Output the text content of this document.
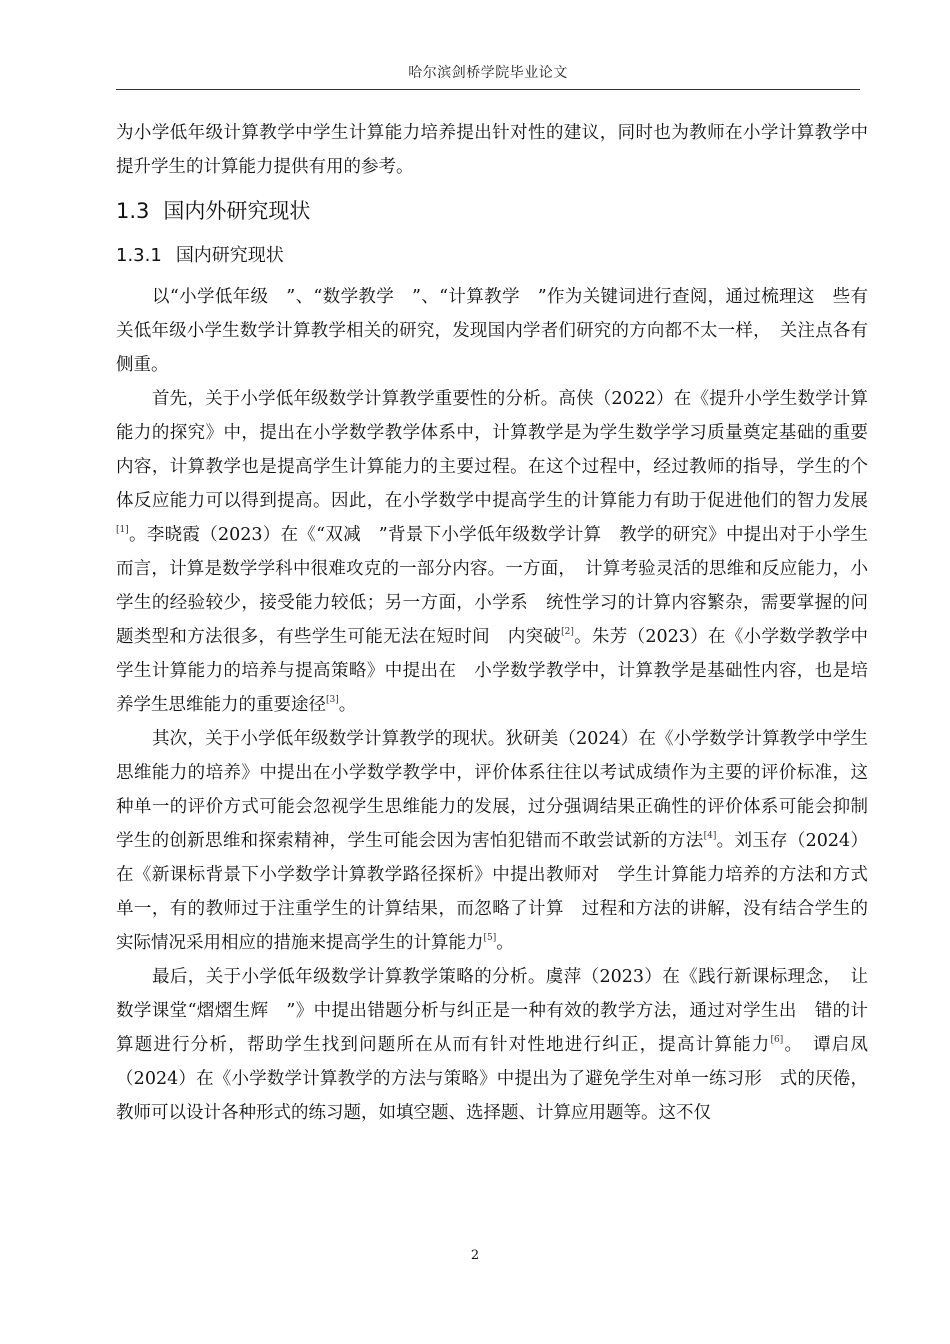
哈尔滨剑桥学院毕业论文

为小学低年级计算教学中学生计算能力培养提出针对性的建议，同时也为教师在小学计算教学中提升学生的计算能力提供有用的参考。

1.3 国内外研究现状
1.3.1 国内研究现状

以“小学低年级　”、“数学教学　”、“计算教学　”作为关键词进行查阅，通过梳理这　些有关低年级小学生数学计算教学相关的研究，发现国内学者们研究的方向都不太一样，　关注点各有侧重。

首先，关于小学低年级数学计算教学重要性的分析。高侠（2022）在《提升小学生数学计算能力的探究》中，提出在小学数学教学体系中，计算教学是为学生数学学习质量奠定基础的重要内容，计算教学也是提高学生计算能力的主要过程。在这个过程中，经过教师的指导，学生的个体反应能力可以得到提高。因此，在小学数学中提高学生的计算能力有助于促进他们的智力发展[1]。李晓霞（2023）在《“双减　”背景下小学低年级数学计算　教学的研究》中提出对于小学生而言，计算是数学学科中很难攻克的一部分内容。一方面，　计算考验灵活的思维和反应能力，小学生的经验较少，接受能力较低；另一方面，小学系　统性学习的计算内容繁杂，需要掌握的问题类型和方法很多，有些学生可能无法在短时间　内突破[2]。朱芳（2023）在《小学数学教学中学生计算能力的培养与提高策略》中提出在　小学数学教学中，计算教学是基础性内容，也是培养学生思维能力的重要途径[3]。

其次，关于小学低年级数学计算教学的现状。狄研美（2024）在《小学数学计算教学中学生思维能力的培养》中提出在小学数学教学中，评价体系往往以考试成绩作为主要的评价标准，这种单一的评价方式可能会忽视学生思维能力的发展，过分强调结果正确性的评价体系可能会抑制学生的创新思维和探索精神，学生可能会因为害怕犯错而不敢尝试新的方法[4]。刘玉存（2024）在《新课标背景下小学数学计算教学路径探析》中提出教师对　学生计算能力培养的方法和方式单一，有的教师过于注重学生的计算结果，而忽略了计算　过程和方法的讲解，没有结合学生的实际情况采用相应的措施来提高学生的计算能力[5]。

最后，关于小学低年级数学计算教学策略的分析。虞萍（2023）在《践行新课标理念，　让数学课堂“熠熠生辉　”》中提出错题分析与纠正是一种有效的教学方法，通过对学生出　错的计算题进行分析，帮助学生找到问题所在从而有针对性地进行纠正，提高计算能力[6]。　谭启凤（2024）在《小学数学计算教学的方法与策略》中提出为了避免学生对单一练习形　式的厌倦，教师可以设计各种形式的练习题，如填空题、选择题、计算应用题等。这不仅

2
